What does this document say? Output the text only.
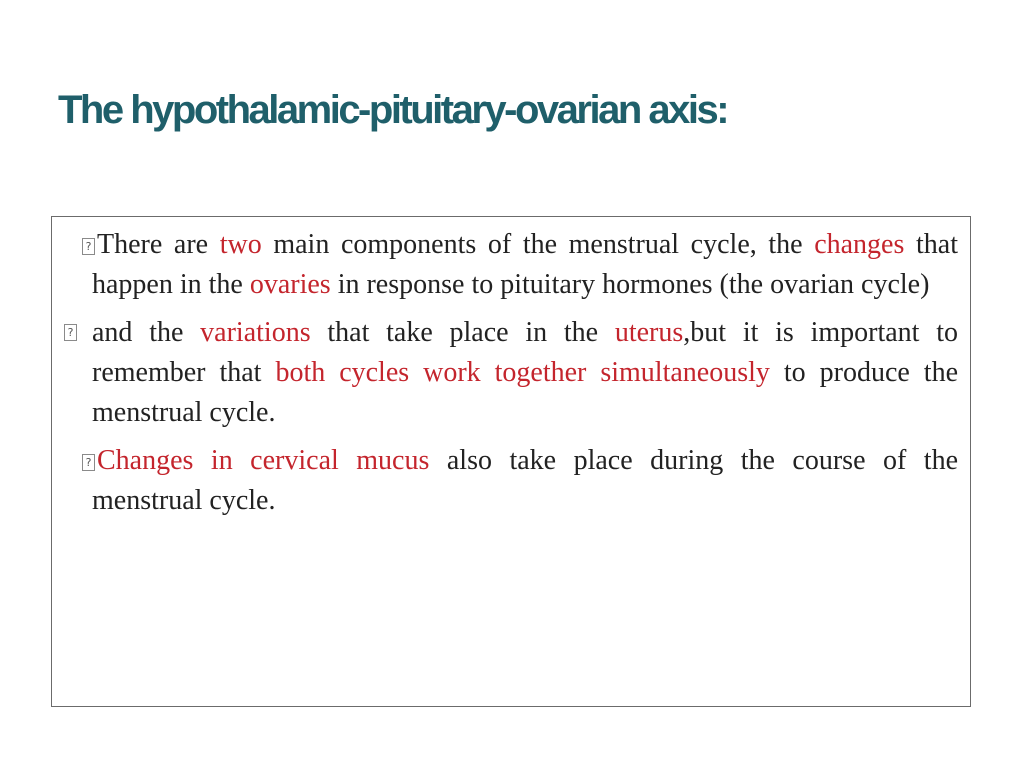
The hypothalamic-pituitary-ovarian axis:
? There are two main components of the menstrual cycle, the changes that happen in the ovaries in response to pituitary hormones (the ovarian cycle)
? and the variations that take place in the uterus,but it is important to remember that both cycles work together simultaneously to produce the menstrual cycle.
? Changes in cervical mucus also take place during the course of the menstrual cycle.
